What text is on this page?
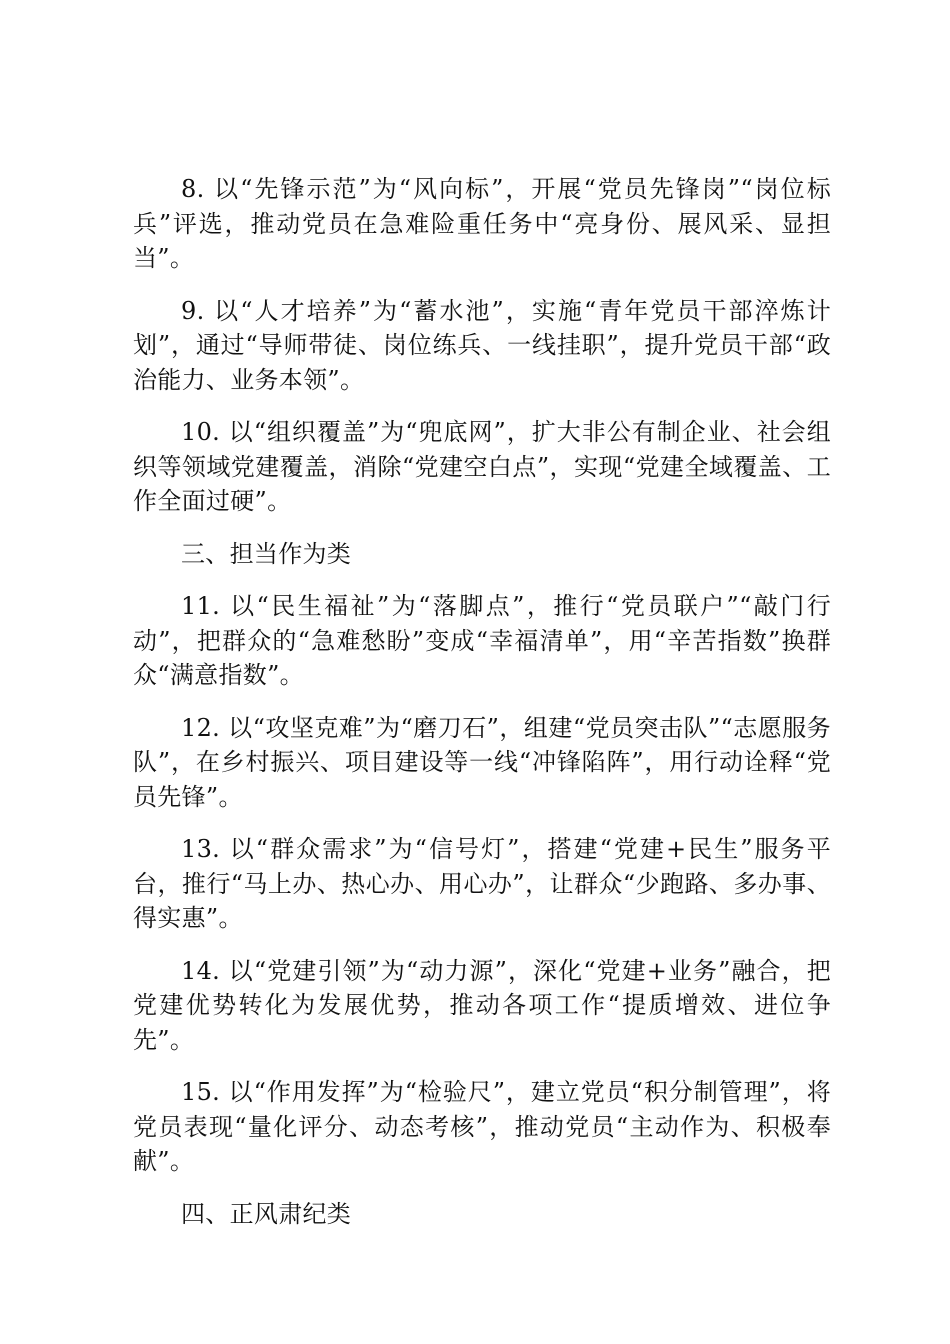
8. 以“先锋示范”为“风向标”，开展“党员先锋岗”“岗位标兵”评选，推动党员在急难险重任务中“亮身份、展风采、显担当”。

9. 以“人才培养”为“蓄水池”，实施“青年党员干部淬炼计划”，通过“导师带徒、岗位练兵、一线挂职”，提升党员干部“政治能力、业务本领”。

10. 以“组织覆盖”为“兜底网”，扩大非公有制企业、社会组织等领域党建覆盖，消除“党建空白点”，实现“党建全域覆盖、工作全面过硬”。

三、担当作为类

11. 以“民生福祉”为“落脚点”，推行“党员联户”“敲门行动”，把群众的“急难愁盼”变成“幸福清单”，用“辛苦指数”换群众“满意指数”。

12. 以“攻坚克难”为“磨刀石”，组建“党员突击队”“志愿服务队”，在乡村振兴、项目建设等一线“冲锋陷阵”，用行动诠释“党员先锋”。

13. 以“群众需求”为“信号灯”，搭建“党建+民生”服务平台，推行“马上办、热心办、用心办”，让群众“少跑路、多办事、得实惠”。

14. 以“党建引领”为“动力源”，深化“党建+业务”融合，把党建优势转化为发展优势，推动各项工作“提质增效、进位争先”。

15. 以“作用发挥”为“检验尺”，建立党员“积分制管理”，将党员表现“量化评分、动态考核”，推动党员“主动作为、积极奉献”。

四、正风肃纪类
